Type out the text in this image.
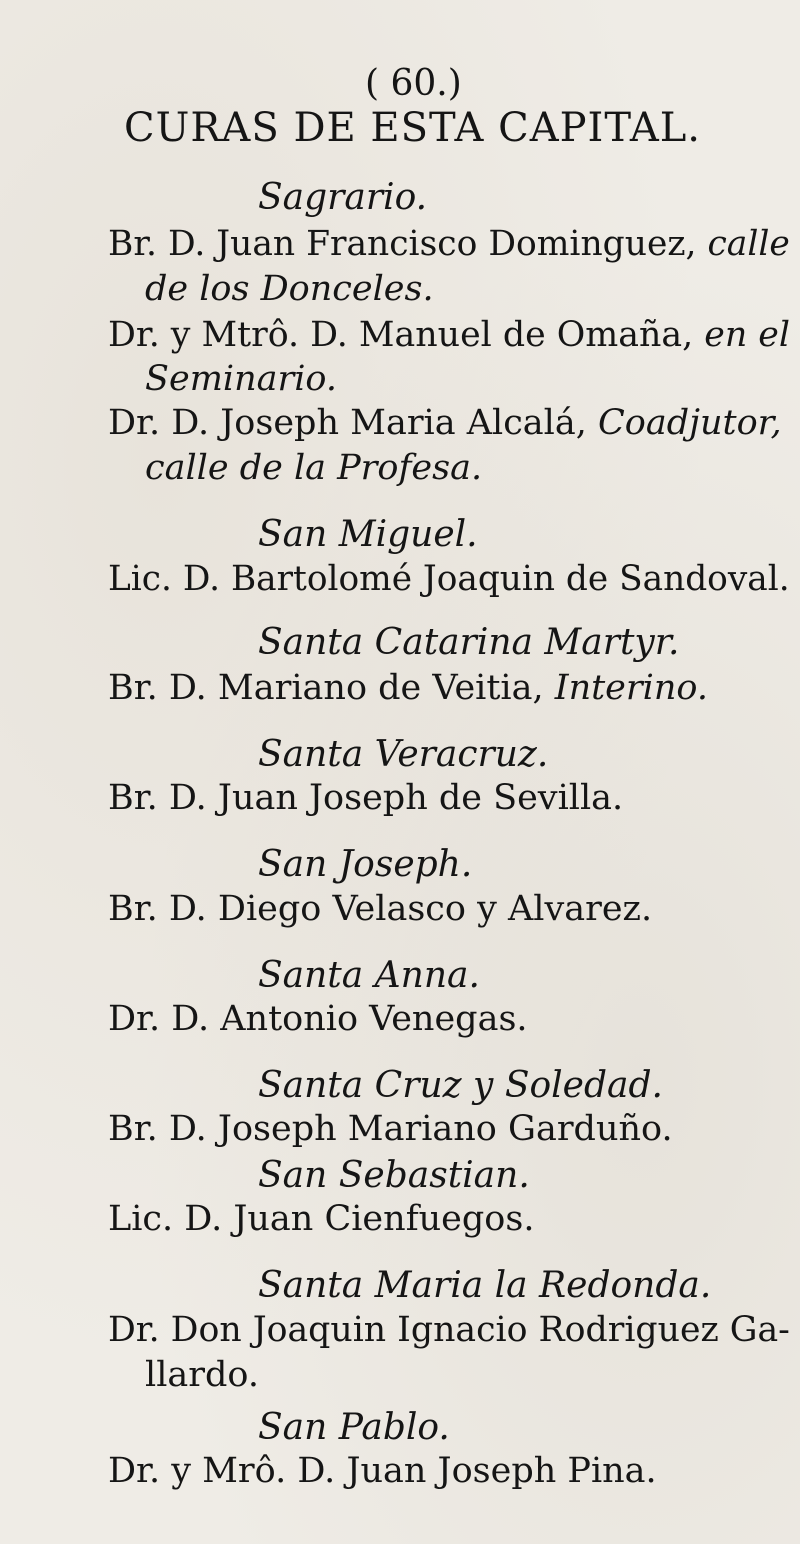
( 60.)
CURAS DE ESTA CAPITAL.
Sagrario.
Br. D. Juan Francisco Dominguez, calle
de los Donceles.
Dr. y Mtrô. D. Manuel de Omaña, en el
Seminario.
Dr. D. Joseph Maria Alcalá, Coadjutor,
calle de la Profesa.
San Miguel.
Lic. D. Bartolomé Joaquin de Sandoval.
Santa Catarina Martyr.
Br. D. Mariano de Veitia, Interino.
Santa Veracruz.
Br. D. Juan Joseph de Sevilla.
San Joseph.
Br. D. Diego Velasco y Alvarez.
Santa Anna.
Dr. D. Antonio Venegas.
Santa Cruz y Soledad.
Br. D. Joseph Mariano Garduño.
San Sebastian.
Lic. D. Juan Cienfuegos.
Santa Maria la Redonda.
Dr. Don Joaquin Ignacio Rodriguez Ga-
llardo.
San Pablo.
Dr. y Mrô. D. Juan Joseph Pina.
